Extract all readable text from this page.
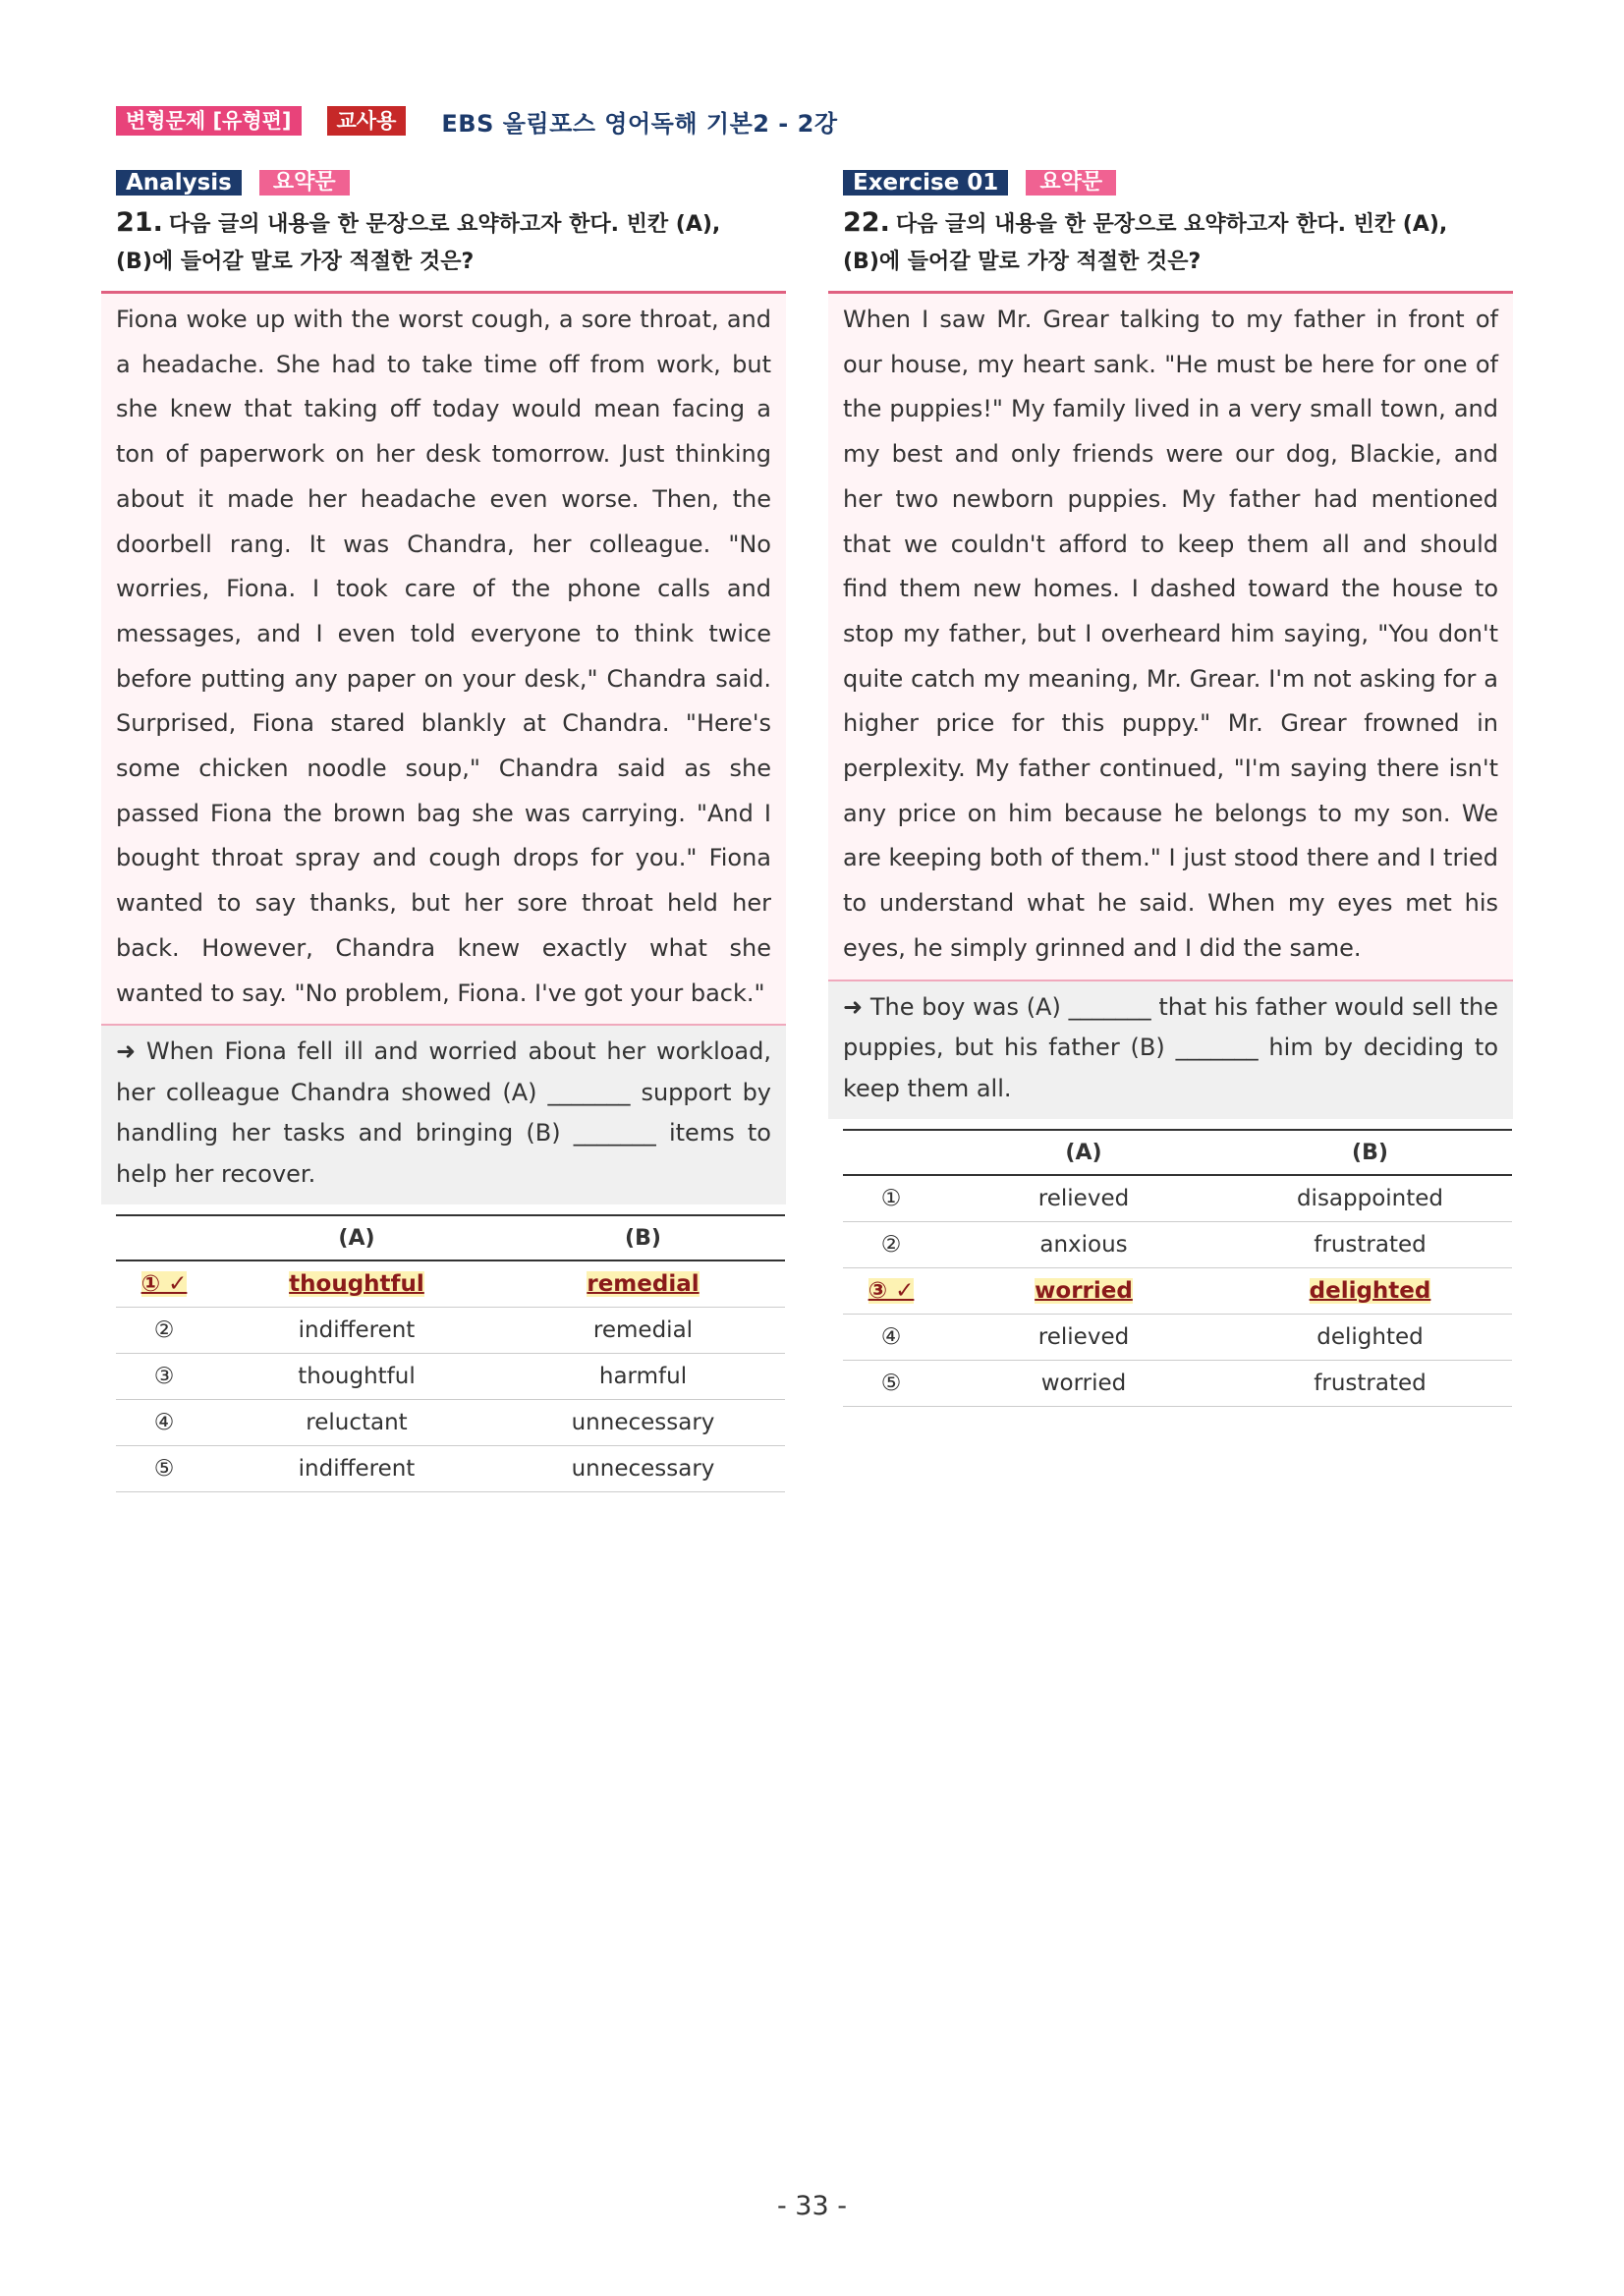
변형문제 [유형편]	교사용	EBS 올림포스 영어독해 기본2 - 2강
Analysis	요약문
21. 다음 글의 내용을 한 문장으로 요약하고자 한다. 빈칸 (A),
(B)에 들어갈 말로 가장 적절한 것은?
Fiona woke up with the worst cough, a sore throat, and a headache. She had to take time off from work, but she knew that taking off today would mean facing a ton of paperwork on her desk tomorrow. Just thinking about it made her headache even worse. Then, the doorbell rang. It was Chandra, her colleague. "No worries, Fiona. I took care of the phone calls and messages, and I even told everyone to think twice before putting any paper on your desk," Chandra said. Surprised, Fiona stared blankly at Chandra. "Here's some chicken noodle soup," Chandra said as she passed Fiona the brown bag she was carrying. "And I bought throat spray and cough drops for you." Fiona wanted to say thanks, but her sore throat held her back. However, Chandra knew exactly what she wanted to say. "No problem, Fiona. I've got your back."
➜ When Fiona fell ill and worried about her workload, her colleague Chandra showed (A) _______ support by handling her tasks and bringing (B) _______ items to help her recover.
	(A)	(B)
① ✓	thoughtful	remedial
②	indifferent	remedial
③	thoughtful	harmful
④	reluctant	unnecessary
⑤	indifferent	unnecessary
Exercise 01	요약문
22. 다음 글의 내용을 한 문장으로 요약하고자 한다. 빈칸 (A),
(B)에 들어갈 말로 가장 적절한 것은?
When I saw Mr. Grear talking to my father in front of our house, my heart sank. "He must be here for one of the puppies!" My family lived in a very small town, and my best and only friends were our dog, Blackie, and her two newborn puppies. My father had mentioned that we couldn't afford to keep them all and should find them new homes. I dashed toward the house to stop my father, but I overheard him saying, "You don't quite catch my meaning, Mr. Grear. I'm not asking for a higher price for this puppy." Mr. Grear frowned in perplexity. My father continued, "I'm saying there isn't any price on him because he belongs to my son. We are keeping both of them." I just stood there and I tried to understand what he said. When my eyes met his eyes, he simply grinned and I did the same.
➜ The boy was (A) _______ that his father would sell the puppies, but his father (B) _______ him by deciding to keep them all.
	(A)	(B)
①	relieved	disappointed
②	anxious	frustrated
③ ✓	worried	delighted
④	relieved	delighted
⑤	worried	frustrated
- 33 -
